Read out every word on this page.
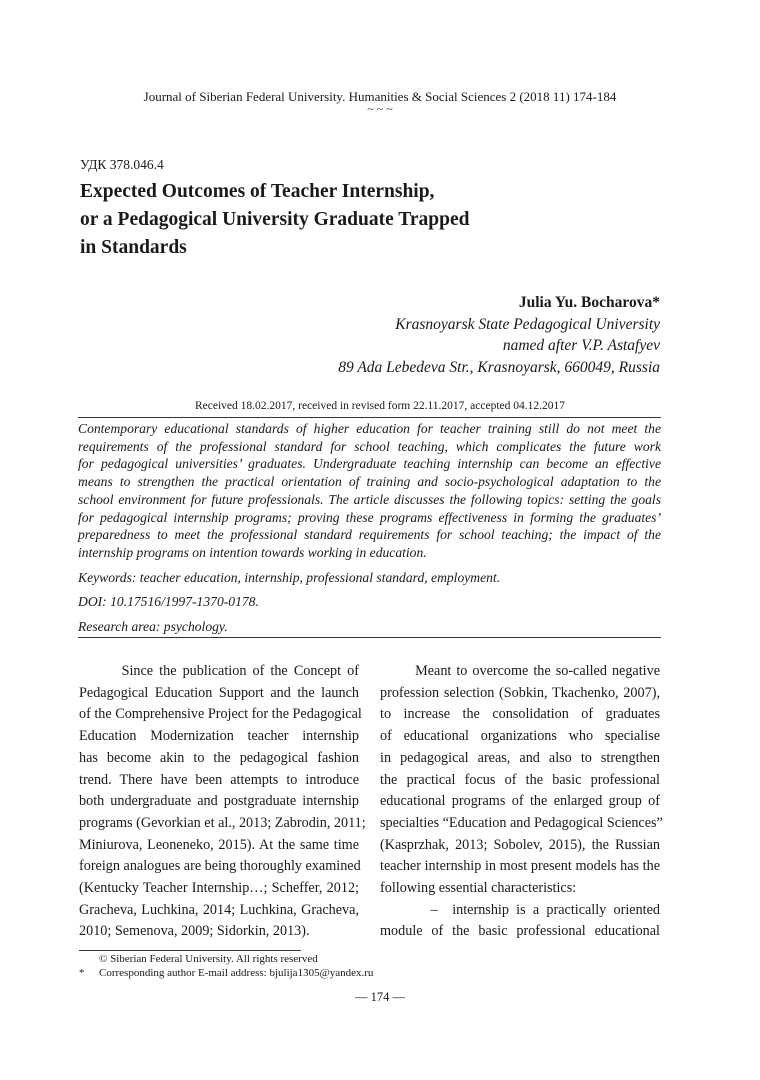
Journal of Siberian Federal University. Humanities & Social Sciences 2 (2018 11) 174-184
~ ~ ~
УДК 378.046.4
Expected Outcomes of Teacher Internship,
or a Pedagogical University Graduate Trapped
in Standards
Julia Yu. Bocharova*
Krasnoyarsk State Pedagogical University
named after V.P. Astafyev
89 Ada Lebedeva Str., Krasnoyarsk, 660049, Russia
Received 18.02.2017, received in revised form 22.11.2017, accepted 04.12.2017
Contemporary educational standards of higher education for teacher training still do not meet the
requirements of the professional standard for school teaching, which complicates the future work
for pedagogical universities’ graduates. Undergraduate teaching internship can become an effective
means to strengthen the practical orientation of training and socio-psychological adaptation to the
school environment for future professionals. The article discusses the following topics: setting the goals
for pedagogical internship programs; proving these programs effectiveness in forming the graduates’
preparedness to meet the professional standard requirements for school teaching; the impact of the
internship programs on intention towards working in education.
Keywords: teacher education, internship, professional standard, employment.
DOI: 10.17516/1997-1370-0178.
Research area: psychology.
Since the publication of the Concept of
Pedagogical Education Support and the launch
of the Comprehensive Project for the Pedagogical
Education Modernization teacher internship
has become akin to the pedagogical fashion
trend. There have been attempts to introduce
both undergraduate and postgraduate internship
programs (Gevorkian et al., 2013; Zabrodin, 2011;
Miniurova, Leoneneko, 2015). At the same time
foreign analogues are being thoroughly examined
(Kentucky Teacher Internship…; Scheffer, 2012;
Gracheva, Luchkina, 2014; Luchkina, Gracheva,
2010; Semenova, 2009; Sidorkin, 2013).
Meant to overcome the so-called negative
profession selection (Sobkin, Tkachenko, 2007),
to increase the consolidation of graduates
of educational organizations who specialise
in pedagogical areas, and also to strengthen
the practical focus of the basic professional
educational programs of the enlarged group of
specialties “Education and Pedagogical Sciences”
(Kasprzhak, 2013; Sobolev, 2015), the Russian
teacher internship in most present models has the
following essential characteristics:
–  internship is a practically oriented
module of the basic professional educational
© Siberian Federal University. All rights reserved
*	Corresponding author E-mail address: bjulija1305@yandex.ru
— 174 —
